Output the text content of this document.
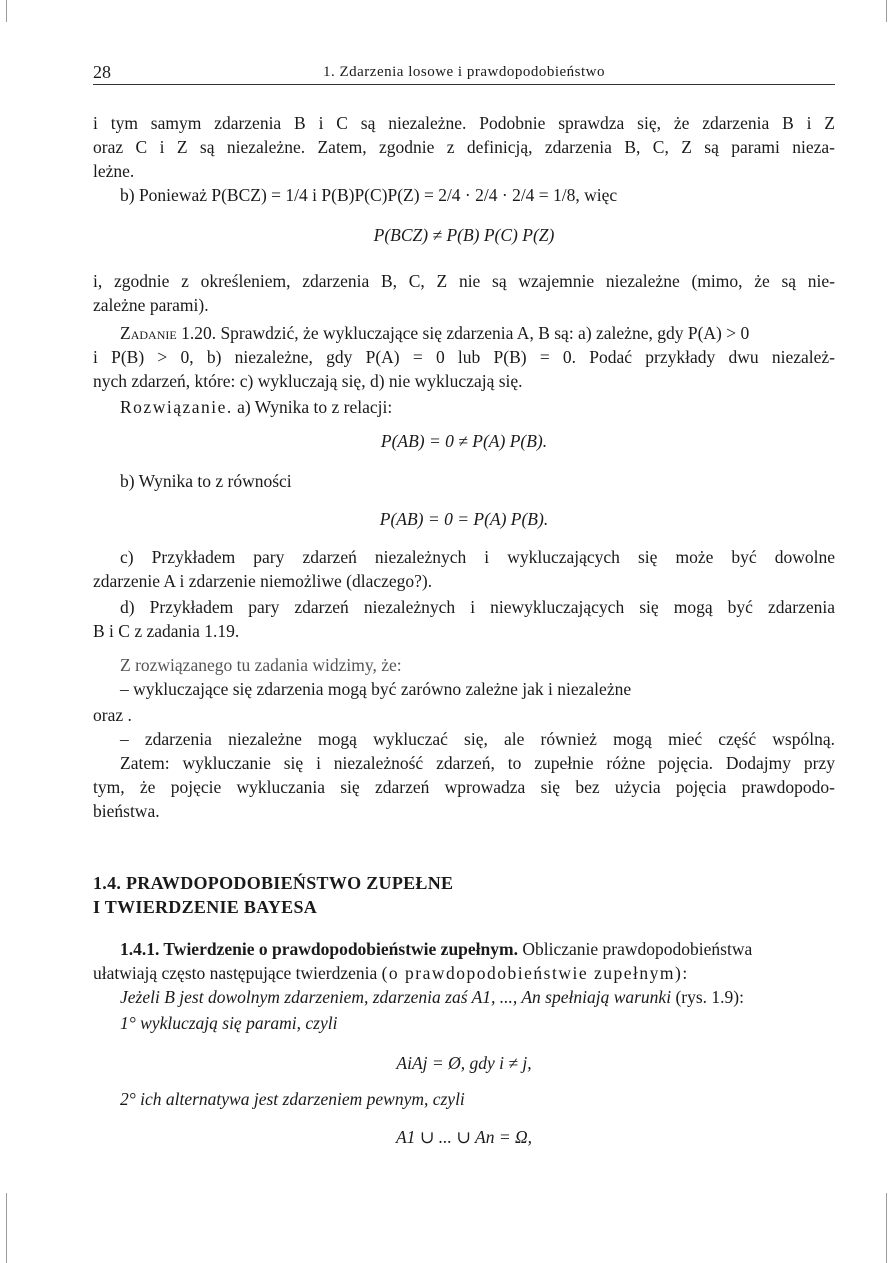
28	1. Zdarzenia losowe i prawdopodobieństwo
i tym samym zdarzenia B i C są niezależne. Podobnie sprawdza się, że zdarzenia B i Z
oraz C i Z są niezależne. Zatem, zgodnie z definicją, zdarzenia B, C, Z są parami nieza-
leżne.
b) Ponieważ P(BCZ) = 1/4 i P(B)P(C)P(Z) = 2/4 · 2/4 · 2/4 = 1/8, więc
P(BCZ) ≠ P(B) P(C) P(Z)
i, zgodnie z określeniem, zdarzenia B, C, Z nie są wzajemnie niezależne (mimo, że są nie-
zależne parami).
Zadanie 1.20. Sprawdzić, że wykluczające się zdarzenia A, B są: a) zależne, gdy P(A) > 0
i P(B) > 0, b) niezależne, gdy P(A) = 0 lub P(B) = 0. Podać przykłady dwu niezależ-
nych zdarzeń, które: c) wykluczają się, d) nie wykluczają się.
Rozwiązanie. a) Wynika to z relacji:
P(AB) = 0 ≠ P(A) P(B).
b) Wynika to z równości
P(AB) = 0 = P(A) P(B).
c) Przykładem pary zdarzeń niezależnych i wykluczających się może być dowolne
zdarzenie A i zdarzenie niemożliwe (dlaczego?).
d) Przykładem pary zdarzeń niezależnych i niewykluczających się mogą być zdarzenia
B i C z zadania 1.19.
Z rozwiązanego tu zadania widzimy, że:
– wykluczające się zdarzenia mogą być zarówno zależne jak i niezależne
oraz .
– zdarzenia niezależne mogą wykluczać się, ale również mogą mieć część wspólną.
Zatem: wykluczanie się i niezależność zdarzeń, to zupełnie różne pojęcia. Dodajmy przy
tym, że pojęcie wykluczania się zdarzeń wprowadza się bez użycia pojęcia prawdopodo-
bieństwa.
1.4. PRAWDOPODOBIEŃSTWO ZUPEŁNE
I TWIERDZENIE BAYESA
1.4.1. Twierdzenie o prawdopodobieństwie zupełnym. Obliczanie prawdopodobieństwa
ułatwiają często następujące twierdzenia (o prawdopodobieństwie zupełnym):
Jeżeli B jest dowolnym zdarzeniem, zdarzenia zaś A1, ..., An spełniają warunki (rys. 1.9):
1° wykluczają się parami, czyli
AiAj = Ø, gdy i ≠ j,
2° ich alternatywa jest zdarzeniem pewnym, czyli
A1 ∪ ... ∪ An = Ω,
